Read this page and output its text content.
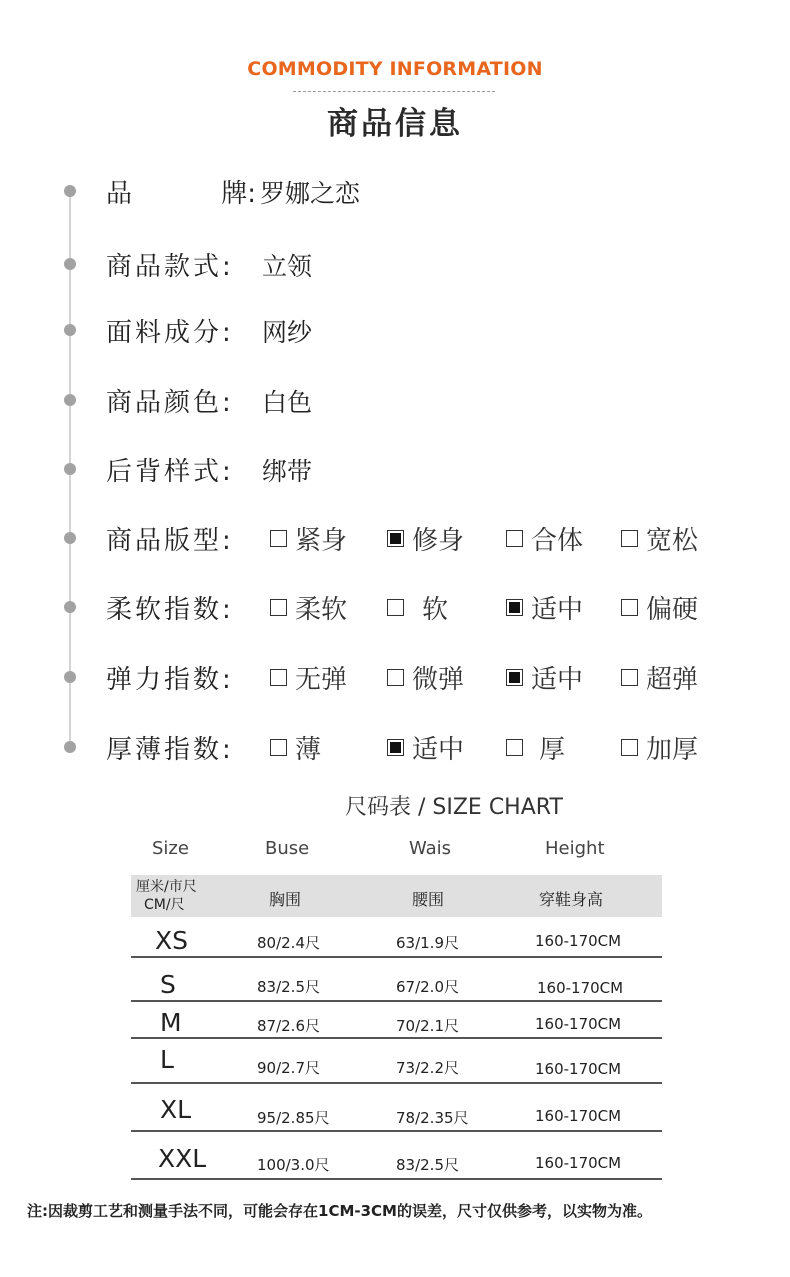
COMMODITY INFORMATION
商品信息
品	牌: 罗娜之恋
商品款式: 立领
面料成分: 网纱
商品颜色: 白色
后背样式: 绑带
商品版型: 紧身 修身	合体 宽松
柔软指数: 柔软	软	适中 偏硬
弹力指数: 无弹 微弹	适中 超弹
厚薄指数: 薄	适中	厚	加厚
尺码表 / SIZE CHART
Size	Buse	Wais	Height
厘米/市尺
CM/尺	胸围	腰围	穿鞋身高
XS	80/2.4尺	63/1.9尺	160-170CM
S	83/2.5尺	67/2.0尺	160-170CM
M	87/2.6尺	70/2.1尺	160-170CM
L	90/2.7尺	73/2.2尺	160-170CM
XL	95/2.85尺	78/2.35尺	160-170CM
XXL	100/3.0尺	83/2.5尺	160-170CM
注:因裁剪工艺和测量手法不同，可能会存在1CM-3CM的误差，尺寸仅供参考，以实物为准。
